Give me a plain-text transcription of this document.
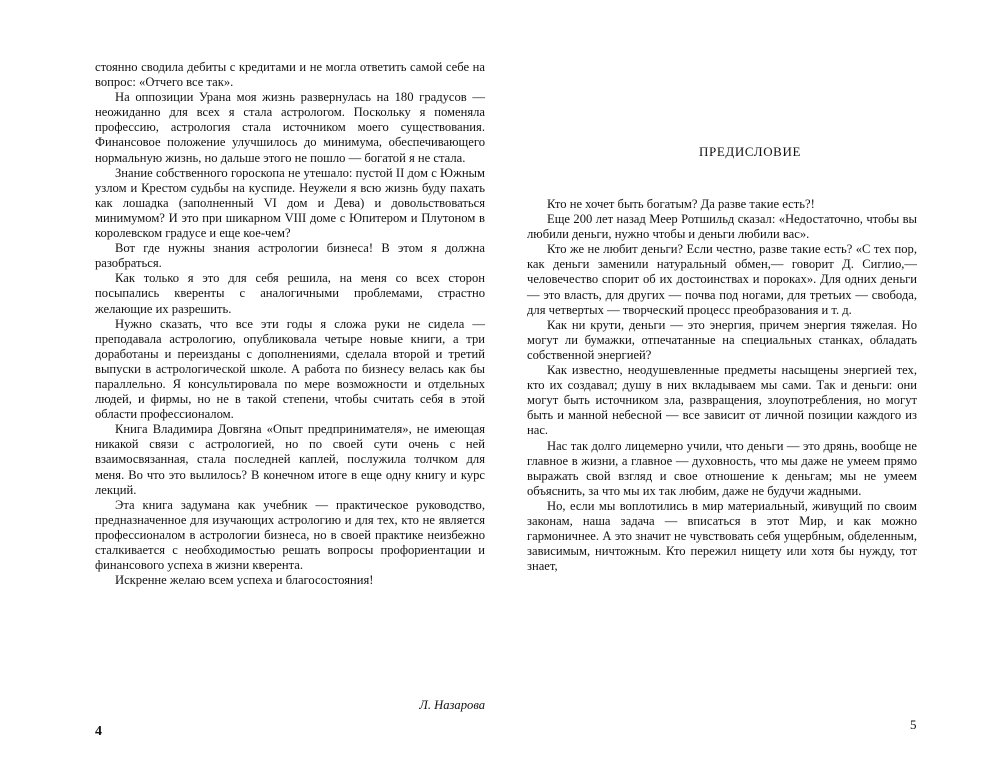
стоянно сводила дебиты с кредитами и не могла ответить самой себе на вопрос: «Отчего все так».

На оппозиции Урана моя жизнь развернулась на 180 градусов — неожиданно для всех я стала астрологом. Поскольку я поменяла профессию, астрология стала источником моего существования. Финансовое положение улучшилось до минимума, обеспечивающего нормальную жизнь, но дальше этого не пошло — богатой я не стала.

Знание собственного гороскопа не утешало: пустой II дом с Южным узлом и Крестом судьбы на куспиде. Неужели я всю жизнь буду пахать как лошадка (заполненный VI дом и Дева) и довольствоваться минимумом? И это при шикарном VIII доме с Юпитером и Плутоном в королевском градусе и еще кое-чем?

Вот где нужны знания астрологии бизнеса! В этом я должна разобраться.

Как только я это для себя решила, на меня со всех сторон посыпались кверенты с аналогичными проблемами, страстно желающие их разрешить.

Нужно сказать, что все эти годы я сложа руки не сидела — преподавала астрологию, опубликовала четыре новые книги, а три доработаны и переизданы с дополнениями, сделала второй и третий выпуски в астрологической школе. А работа по бизнесу велась как бы параллельно. Я консультировала по мере возможности и отдельных людей, и фирмы, но не в такой степени, чтобы считать себя в этой области профессионалом.

Книга Владимира Довгяна «Опыт предпринимателя», не имеющая никакой связи с астрологией, но по своей сути очень с ней взаимосвязанная, стала последней каплей, послужила толчком для меня. Во что это вылилось? В конечном итоге в еще одну книгу и курс лекций.

Эта книга задумана как учебник — практическое руководство, предназначенное для изучающих астрологию и для тех, кто не является профессионалом в астрологии бизнеса, но в своей практике неизбежно сталкивается с необходимостью решать вопросы профориентации и финансового успеха в жизни кверента.

Искренне желаю всем успеха и благосостояния!

Л. Назарова
4
ПРЕДИСЛОВИЕ

Кто не хочет быть богатым? Да разве такие есть?!

Еще 200 лет назад Меер Ротшильд сказал: «Недостаточно, чтобы вы любили деньги, нужно чтобы и деньги любили вас».

Кто же не любит деньги? Если честно, разве такие есть? «С тех пор, как деньги заменили натуральный обмен,— говорит Д. Сиглио,— человечество спорит об их достоинствах и пороках». Для одних деньги — это власть, для других — почва под ногами, для третьих — свобода, для четвертых — творческий процесс преобразования и т. д.

Как ни крути, деньги — это энергия, причем энергия тяжелая. Но могут ли бумажки, отпечатанные на специальных станках, обладать собственной энергией?

Как известно, неодушевленные предметы насыщены энергией тех, кто их создавал; душу в них вкладываем мы сами. Так и деньги: они могут быть источником зла, развращения, злоупотребления, но могут быть и манной небесной — все зависит от личной позиции каждого из нас.

Нас так долго лицемерно учили, что деньги — это дрянь, вообще не главное в жизни, а главное — духовность, что мы даже не умеем прямо выражать свой взгляд и свое отношение к деньгам; мы не умеем объяснить, за что мы их так любим, даже не будучи жадными.

Но, если мы воплотились в мир материальный, живущий по своим законам, наша задача — вписаться в этот Мир, и как можно гармоничнее. А это значит не чувствовать себя ущербным, обделенным, зависимым, ничтожным. Кто пережил нищету или хотя бы нужду, тот знает,

5
